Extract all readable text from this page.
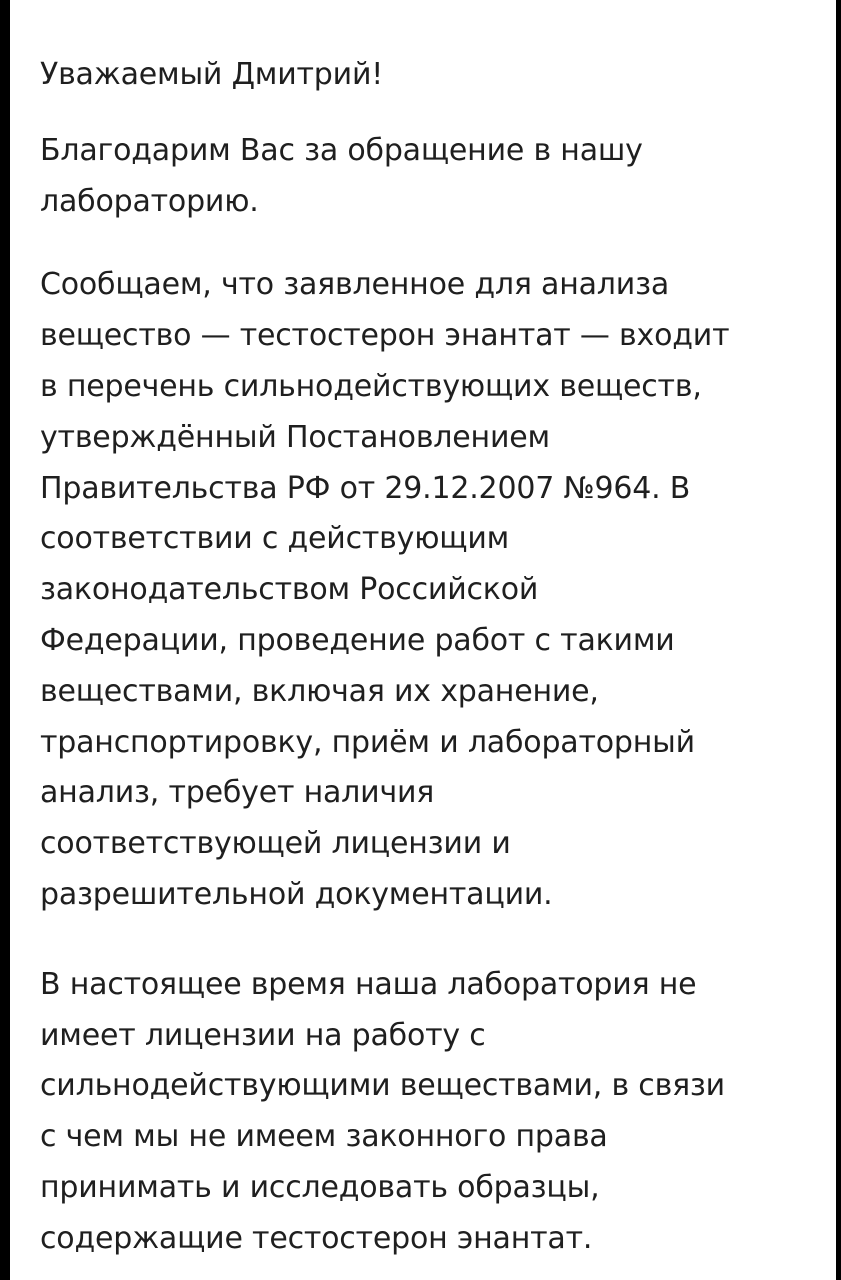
Уважаемый Дмитрий!

Благодарим Вас за обращение в нашу
лабораторию.

Сообщаем, что заявленное для анализа
вещество — тестостерон энантат — входит
в перечень сильнодействующих веществ,
утверждённый Постановлением
Правительства РФ от 29.12.2007 №964. В
соответствии с действующим
законодательством Российской
Федерации, проведение работ с такими
веществами, включая их хранение,
транспортировку, приём и лабораторный
анализ, требует наличия
соответствующей лицензии и
разрешительной документации.

В настоящее время наша лаборатория не
имеет лицензии на работу с
сильнодействующими веществами, в связи
с чем мы не имеем законного права
принимать и исследовать образцы,
содержащие тестостерон энантат.
